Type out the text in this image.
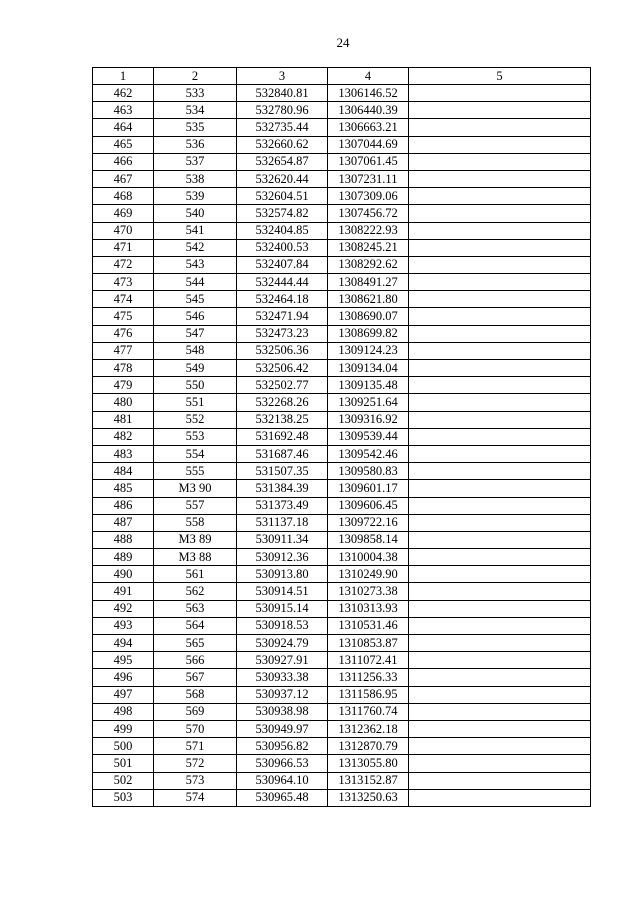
24
1	2	3	4	5
462	533	532840.81	1306146.52	
463	534	532780.96	1306440.39	
464	535	532735.44	1306663.21	
465	536	532660.62	1307044.69	
466	537	532654.87	1307061.45	
467	538	532620.44	1307231.11	
468	539	532604.51	1307309.06	
469	540	532574.82	1307456.72	
470	541	532404.85	1308222.93	
471	542	532400.53	1308245.21	
472	543	532407.84	1308292.62	
473	544	532444.44	1308491.27	
474	545	532464.18	1308621.80	
475	546	532471.94	1308690.07	
476	547	532473.23	1308699.82	
477	548	532506.36	1309124.23	
478	549	532506.42	1309134.04	
479	550	532502.77	1309135.48	
480	551	532268.26	1309251.64	
481	552	532138.25	1309316.92	
482	553	531692.48	1309539.44	
483	554	531687.46	1309542.46	
484	555	531507.35	1309580.83	
485	МЗ 90	531384.39	1309601.17	
486	557	531373.49	1309606.45	
487	558	531137.18	1309722.16	
488	МЗ 89	530911.34	1309858.14	
489	МЗ 88	530912.36	1310004.38	
490	561	530913.80	1310249.90	
491	562	530914.51	1310273.38	
492	563	530915.14	1310313.93	
493	564	530918.53	1310531.46	
494	565	530924.79	1310853.87	
495	566	530927.91	1311072.41	
496	567	530933.38	1311256.33	
497	568	530937.12	1311586.95	
498	569	530938.98	1311760.74	
499	570	530949.97	1312362.18	
500	571	530956.82	1312870.79	
501	572	530966.53	1313055.80	
502	573	530964.10	1313152.87	
503	574	530965.48	1313250.63	
